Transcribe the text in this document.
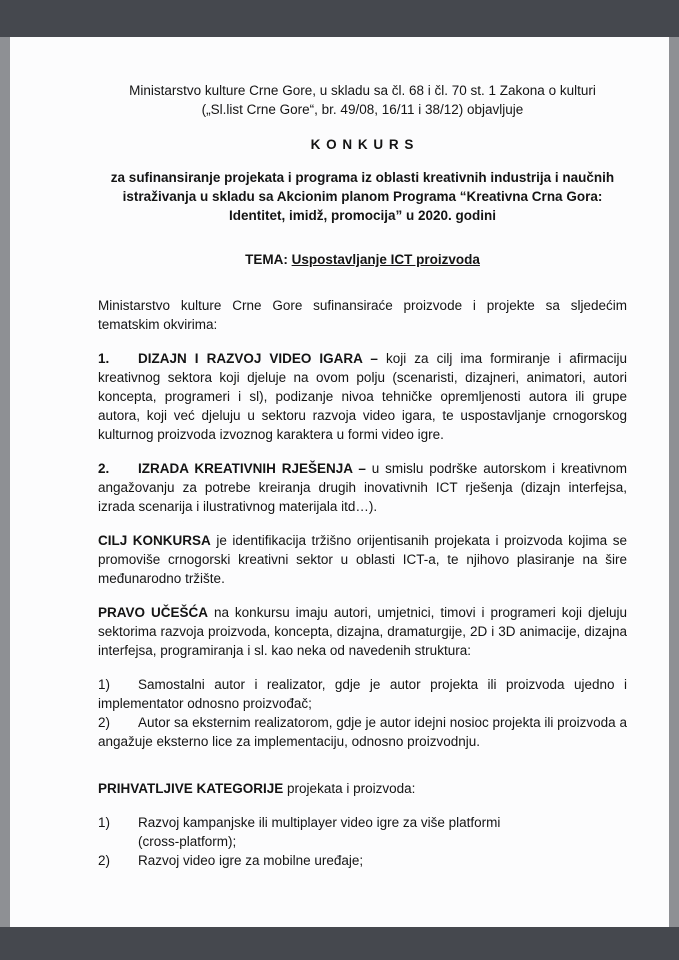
Ministarstvo kulture Crne Gore, u skladu sa čl. 68 i čl. 70 st. 1 Zakona o kulturi
(„Sl.list Crne Gore“, br. 49/08, 16/11 i 38/12) objavljuje

K O N K U R S

za sufinansiranje projekata i programa iz oblasti kreativnih industrija i naučnih istraživanja u skladu sa Akcionim planom Programa “Kreativna Crna Gora: Identitet, imidž, promocija” u 2020. godini

TEMA: Uspostavljanje ICT proizvoda

Ministarstvo kulture Crne Gore sufinansiraće proizvode i projekte sa sljedećim tematskim okvirima:

1. DIZAJN I RAZVOJ VIDEO IGARA – koji za cilj ima formiranje i afirmaciju kreativnog sektora koji djeluje na ovom polju (scenaristi, dizajneri, animatori, autori koncepta, programeri i sl), podizanje nivoa tehničke opremljenosti autora ili grupe autora, koji već djeluju u sektoru razvoja video igara, te uspostavljanje crnogorskog kulturnog proizvoda izvoznog karaktera u formi video igre.

2. IZRADA KREATIVNIH RJEŠENJA – u smislu podrške autorskom i kreativnom angažovanju za potrebe kreiranja drugih inovativnih ICT rješenja (dizajn interfejsa, izrada scenarija i ilustrativnog materijala itd…).

CILJ KONKURSA je identifikacija tržišno orijentisanih projekata i proizvoda kojima se promoviše crnogorski kreativni sektor u oblasti ICT-a, te njihovo plasiranje na šire međunarodno tržište.

PRAVO UČEŠĆA na konkursu imaju autori, umjetnici, timovi i programeri koji djeluju sektorima razvoja proizvoda, koncepta, dizajna, dramaturgije, 2D i 3D animacije, dizajna interfejsa, programiranja i sl. kao neka od navedenih struktura:

1) Samostalni autor i realizator, gdje je autor projekta ili proizvoda ujedno i implementator odnosno proizvođač;

2) Autor sa eksternim realizatorom, gdje je autor idejni nosioc projekta ili proizvoda a angažuje eksterno lice za implementaciju, odnosno proizvodnju.

PRIHVATLJIVE KATEGORIJE projekata i proizvoda:

1)	Razvoj kampanjske ili multiplayer video igre za više platformi
(cross-platform);
2)	Razvoj video igre za mobilne uređaje;
